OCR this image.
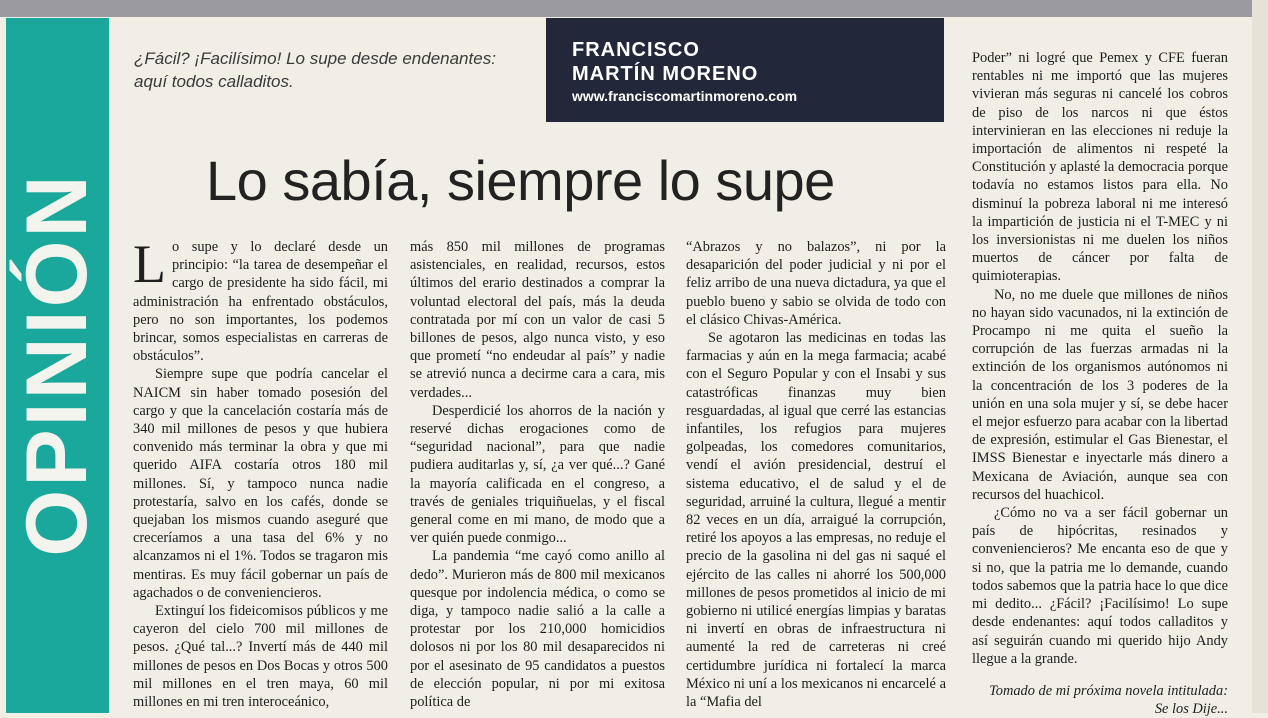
OPINIÓN
¿Fácil? ¡Facilísimo! Lo supe desde endenantes: aquí todos calladitos.
FRANCISCO
MARTÍN MORENO
www.franciscomartinmoreno.com
Lo sabía, siempre lo supe

Lo supe y lo declaré desde un principio: “la tarea de desempeñar el cargo de presidente ha sido fácil, mi administración ha enfrentado obstáculos, pero no son importantes, los podemos brincar, somos especialistas en carreras de obstáculos”.

Siempre supe que podría cancelar el NAICM sin haber tomado posesión del cargo y que la cancelación costaría más de 340 mil millones de pesos y que hubiera convenido más terminar la obra y que mi querido AIFA costaría otros 180 mil millones. Sí, y tampoco nunca nadie protestaría, salvo en los cafés, donde se quejaban los mismos cuando aseguré que creceríamos a una tasa del 6% y no alcanzamos ni el 1%. Todos se tragaron mis mentiras. Es muy fácil gobernar un país de agachados o de conveniencieros.

Extinguí los fideicomisos públicos y me cayeron del cielo 700 mil millones de pesos. ¿Qué tal...? Invertí más de 440 mil millones de pesos en Dos Bocas y otros 500 mil millones en el tren maya, 60 mil millones en mi tren interoceánico,

más 850 mil millones de programas asistenciales, en realidad, recursos, estos últimos del erario destinados a comprar la voluntad electoral del país, más la deuda contratada por mí con un valor de casi 5 billones de pesos, algo nunca visto, y eso que prometí “no endeudar al país” y nadie se atrevió nunca a decirme cara a cara, mis verdades...

Desperdicié los ahorros de la nación y reservé dichas erogaciones como de “seguridad nacional”, para que nadie pudiera auditarlas y, sí, ¿a ver qué...? Gané la mayoría calificada en el congreso, a través de geniales triquiñuelas, y el fiscal general come en mi mano, de modo que a ver quién puede conmigo...

La pandemia “me cayó como anillo al dedo”. Murieron más de 800 mil mexicanos quesque por indolencia médica, o como se diga, y tampoco nadie salió a la calle a protestar por los 210,000 homicidios dolosos ni por los 80 mil desaparecidos ni por el asesinato de 95 candidatos a puestos de elección popular, ni por mi exitosa política de

“Abrazos y no balazos”, ni por la desaparición del poder judicial y ni por el feliz arribo de una nueva dictadura, ya que el pueblo bueno y sabio se olvida de todo con el clásico Chivas-América.

Se agotaron las medicinas en todas las farmacias y aún en la mega farmacia; acabé con el Seguro Popular y con el Insabi y sus catastróficas finanzas muy bien resguardadas, al igual que cerré las estancias infantiles, los refugios para mujeres golpeadas, los comedores comunitarios, vendí el avión presidencial, destruí el sistema educativo, el de salud y el de seguridad, arruiné la cultura, llegué a mentir 82 veces en un día, arraigué la corrupción, retiré los apoyos a las empresas, no reduje el precio de la gasolina ni del gas ni saqué el ejército de las calles ni ahorré los 500,000 millones de pesos prometidos al inicio de mi gobierno ni utilicé energías limpias y baratas ni invertí en obras de infraestructura ni aumenté la red de carreteras ni creé certidumbre jurídica ni fortalecí la marca México ni uní a los mexicanos ni encarcelé a la “Mafia del

Poder” ni logré que Pemex y CFE fueran rentables ni me importó que las mujeres vivieran más seguras ni cancelé los cobros de piso de los narcos ni que éstos intervinieran en las elecciones ni reduje la importación de alimentos ni respeté la Constitución y aplasté la democracia porque todavía no estamos listos para ella. No disminuí la pobreza laboral ni me interesó la impartición de justicia ni el T-MEC y ni los inversionistas ni me duelen los niños muertos de cáncer por falta de quimioterapias.

No, no me duele que millones de niños no hayan sido vacunados, ni la extinción de Procampo ni me quita el sueño la corrupción de las fuerzas armadas ni la extinción de los organismos autónomos ni la concentración de los 3 poderes de la unión en una sola mujer y sí, se debe hacer el mejor esfuerzo para acabar con la libertad de expresión, estimular el Gas Bienestar, el IMSS Bienestar e inyectarle más dinero a Mexicana de Aviación, aunque sea con recursos del huachicol.

¿Cómo no va a ser fácil gobernar un país de hipócritas, resinados y conveniencieros? Me encanta eso de que y si no, que la patria me lo demande, cuando todos sabemos que la patria hace lo que dice mi dedito... ¿Fácil? ¡Facilísimo! Lo supe desde endenantes: aquí todos calladitos y así seguirán cuando mi querido hijo Andy llegue a la grande.

Tomado de mi próxima novela intitulada: Se los Dije...
